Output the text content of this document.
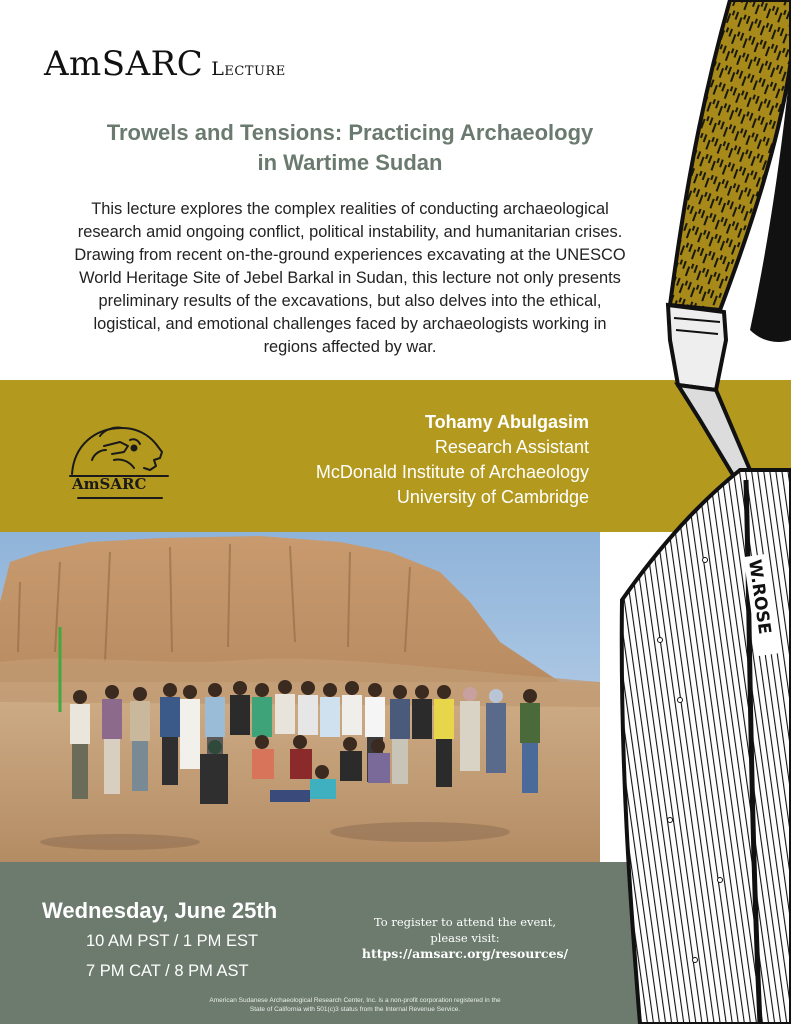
AmSARC Lecture
Trowels and Tensions: Practicing Archaeology
in Wartime Sudan
This lecture explores the complex realities of conducting archaeological
research amid ongoing conflict, political instability, and humanitarian crises.
Drawing from recent on-the-ground experiences excavating at the UNESCO
World Heritage Site of Jebel Barkal in Sudan, this lecture not only presents
preliminary results of the excavations, but also delves into the ethical,
logistical, and emotional challenges faced by archaeologists working in
regions affected by war.
AmSARC
Tohamy Abulgasim
Research Assistant
McDonald Institute of Archaeology
University of Cambridge
Wednesday, June 25th
10 AM PST / 1 PM EST
7 PM CAT / 8 PM AST
To register to attend the event,
please visit:
https://amsarc.org/resources/
American Sudanese Archaeological Research Center, Inc. is a non-profit corporation registered in the
State of California with 501(c)3 status from the Internal Revenue Service.
W.ROSE
